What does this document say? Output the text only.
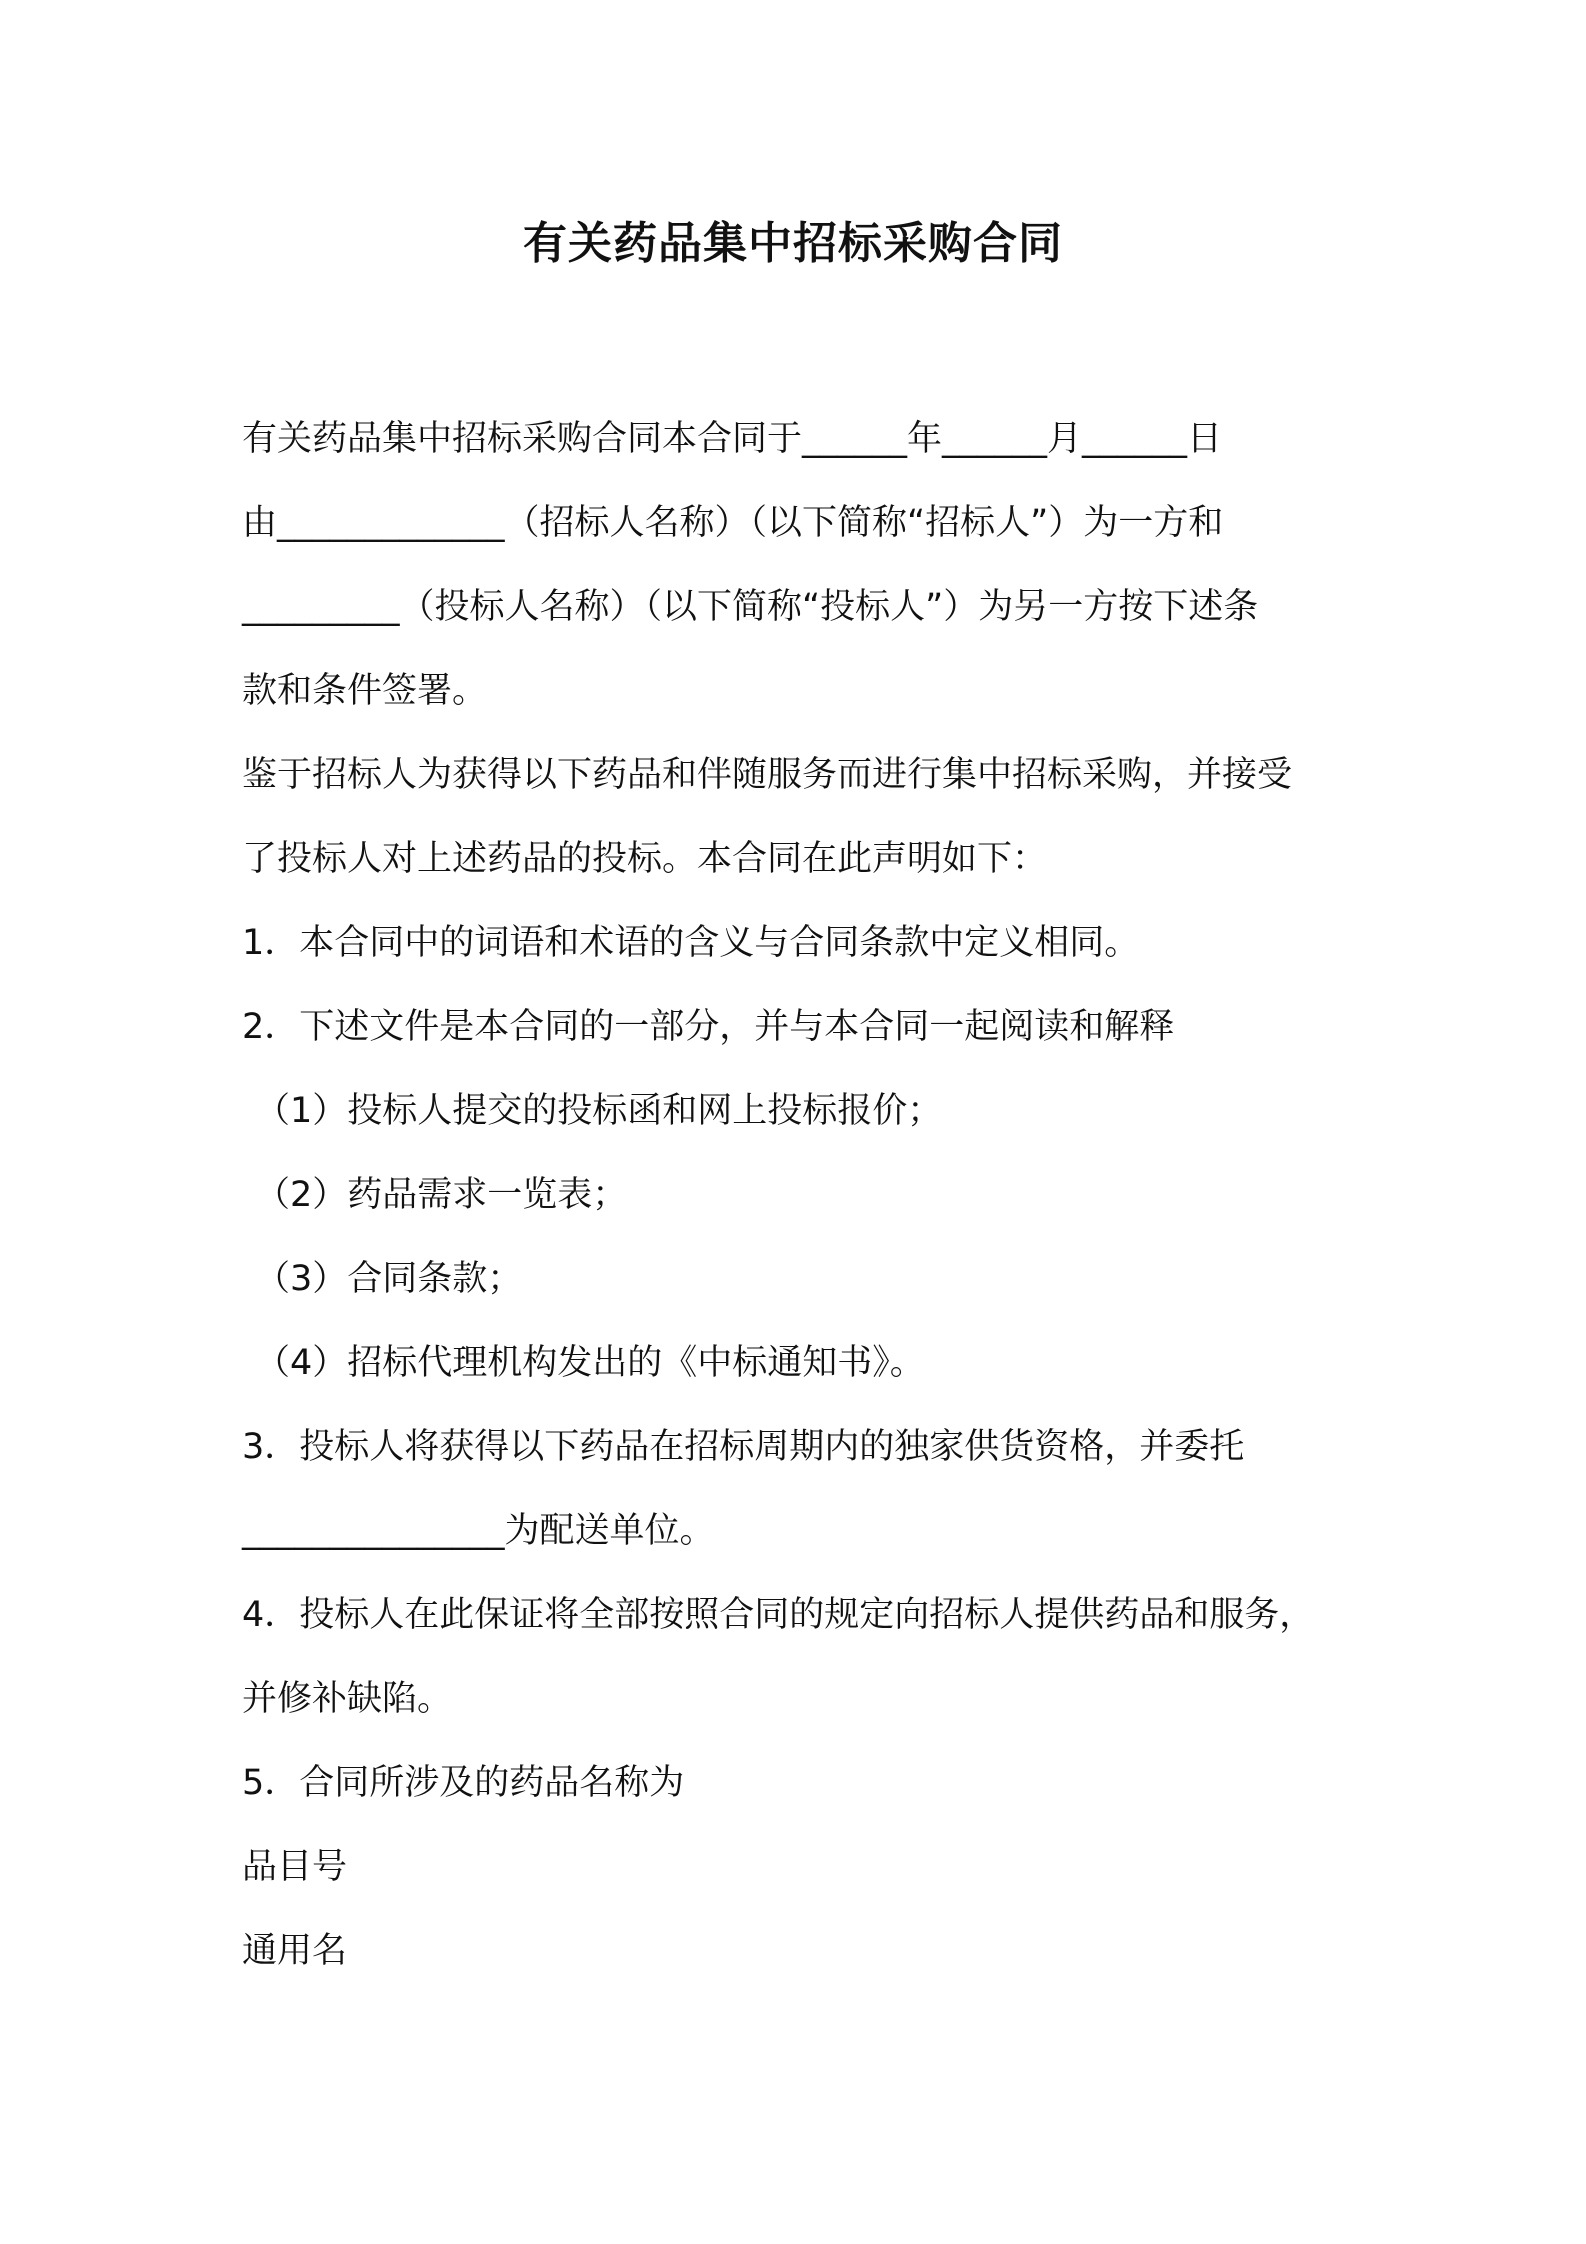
有关药品集中招标采购合同
有关药品集中招标采购合同本合同于______年______月______日
由_____________（招标人名称）（以下简称“招标人”）为一方和
_________（投标人名称）（以下简称“投标人”）为另一方按下述条
款和条件签署。
鉴于招标人为获得以下药品和伴随服务而进行集中招标采购，并接受
了投标人对上述药品的投标。本合同在此声明如下：
1．本合同中的词语和术语的含义与合同条款中定义相同。
2．下述文件是本合同的一部分，并与本合同一起阅读和解释
（1）投标人提交的投标函和网上投标报价；
（2）药品需求一览表；
（3）合同条款；
（4）招标代理机构发出的《中标通知书》。
3．投标人将获得以下药品在招标周期内的独家供货资格，并委托
_______________为配送单位。
4．投标人在此保证将全部按照合同的规定向招标人提供药品和服务，
并修补缺陷。
5．合同所涉及的药品名称为
品目号
通用名
